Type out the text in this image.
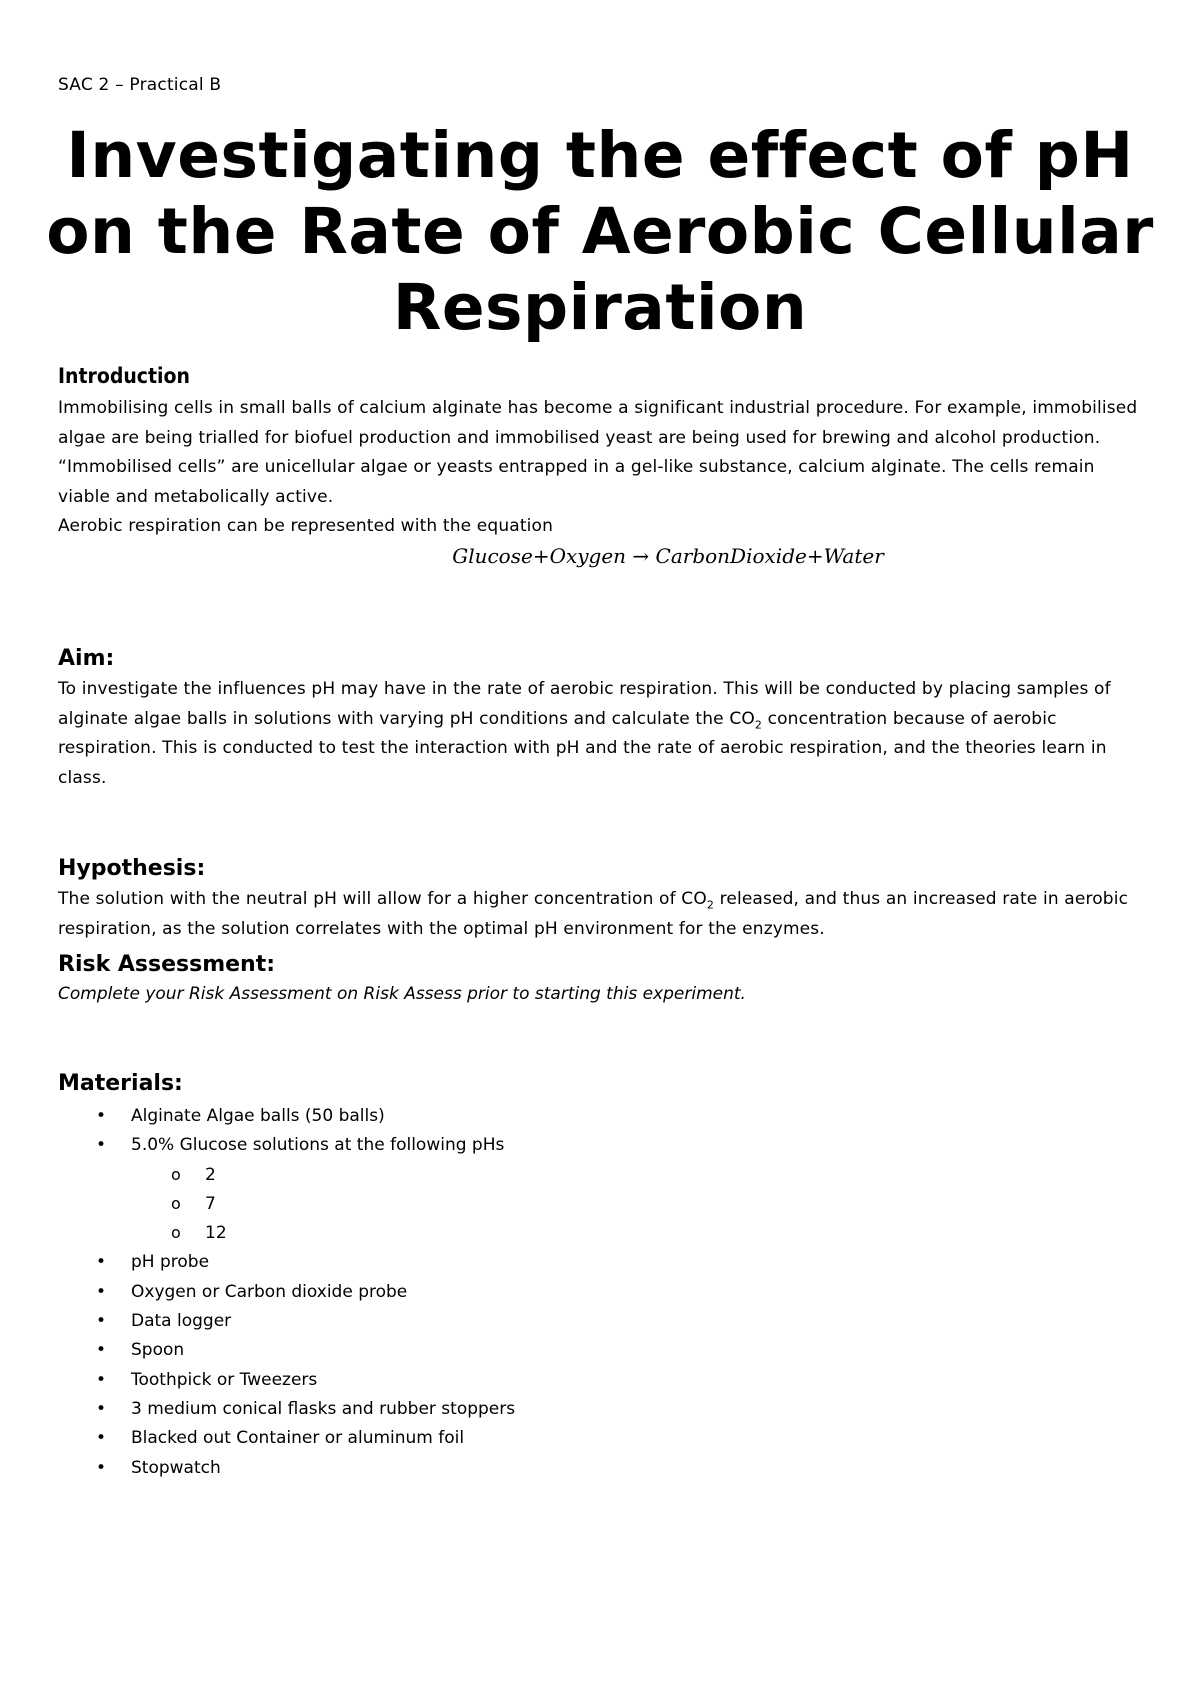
SAC 2 – Practical B
Investigating the effect of pH on the Rate of Aerobic Cellular Respiration
Introduction

Immobilising cells in small balls of calcium alginate has become a significant industrial procedure. For example, immobilised algae are being trialled for biofuel production and immobilised yeast are being used for brewing and alcohol production. “Immobilised cells” are unicellular algae or yeasts entrapped in a gel-like substance, calcium alginate. The cells remain viable and metabolically active.

Aerobic respiration can be represented with the equation

Glucose+Oxygen → CarbonDioxide+Water

Aim:

To investigate the influences pH may have in the rate of aerobic respiration. This will be conducted by placing samples of alginate algae balls in solutions with varying pH conditions and calculate the $CO_2$ concentration because of aerobic respiration. This is conducted to test the interaction with pH and the rate of aerobic respiration, and the theories learn in class.

Hypothesis:

The solution with the neutral pH will allow for a higher concentration of $CO_2$ released, and thus an increased rate in aerobic respiration, as the solution correlates with the optimal pH environment for the enzymes.

Risk Assessment:

Complete your Risk Assessment on Risk Assess prior to starting this experiment.

Materials:
• Alginate Algae balls (50 balls)
• 5.0% Glucose solutions at the following pHs
o 2
o 7
o 12
• pH probe
• Oxygen or Carbon dioxide probe
• Data logger
• Spoon
• Toothpick or Tweezers
• 3 medium conical flasks and rubber stoppers
• Blacked out Container or aluminum foil
• Stopwatch
